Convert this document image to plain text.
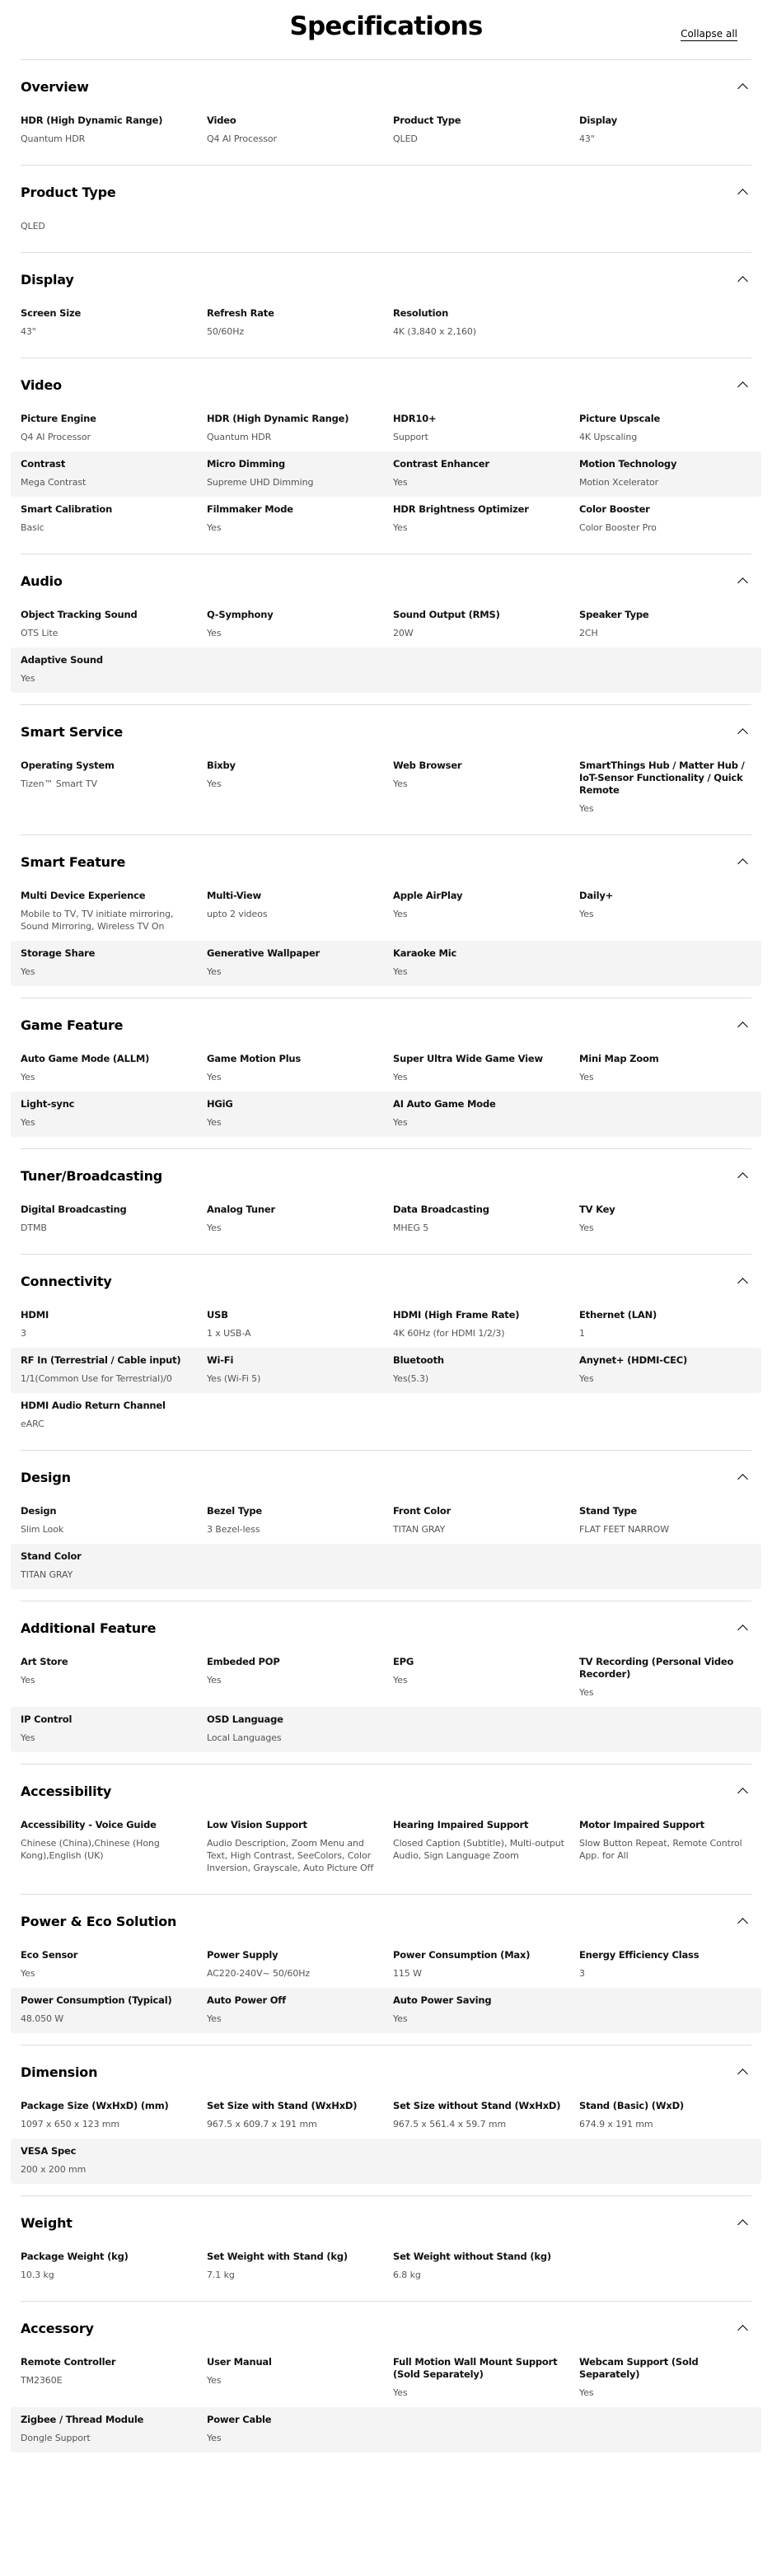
Specifications	Collapse all
Overview
HDR (High Dynamic Range)
Quantum HDR
Video
Q4 AI Processor
Product Type
QLED
Display
43"
Product Type
QLED
Display
Screen Size
43"
Refresh Rate
50/60Hz
Resolution
4K (3,840 x 2,160)
Video
Picture Engine
Q4 AI Processor
HDR (High Dynamic Range)
Quantum HDR
HDR10+
Support
Picture Upscale
4K Upscaling
Contrast
Mega Contrast
Micro Dimming
Supreme UHD Dimming
Contrast Enhancer
Yes
Motion Technology
Motion Xcelerator
Smart Calibration
Basic
Filmmaker Mode
Yes
HDR Brightness Optimizer
Yes
Color Booster
Color Booster Pro
Audio
Object Tracking Sound
OTS Lite
Q-Symphony
Yes
Sound Output (RMS)
20W
Speaker Type
2CH
Adaptive Sound
Yes
Smart Service
Operating System
Tizen™ Smart TV
Bixby
Yes
Web Browser
Yes
SmartThings Hub / Matter Hub / IoT-Sensor Functionality / Quick Remote
Yes
Smart Feature
Multi Device Experience
Mobile to TV, TV initiate mirroring, Sound Mirroring, Wireless TV On
Multi-View
upto 2 videos
Apple AirPlay
Yes
Daily+
Yes
Storage Share
Yes
Generative Wallpaper
Yes
Karaoke Mic
Yes
Game Feature
Auto Game Mode (ALLM)
Yes
Game Motion Plus
Yes
Super Ultra Wide Game View
Yes
Mini Map Zoom
Yes
Light-sync
Yes
HGiG
Yes
AI Auto Game Mode
Yes
Tuner/Broadcasting
Digital Broadcasting
DTMB
Analog Tuner
Yes
Data Broadcasting
MHEG 5
TV Key
Yes
Connectivity
HDMI
3
USB
1 x USB-A
HDMI (High Frame Rate)
4K 60Hz (for HDMI 1/2/3)
Ethernet (LAN)
1
RF In (Terrestrial / Cable input)
1/1(Common Use for Terrestrial)/0
Wi-Fi
Yes (Wi-Fi 5)
Bluetooth
Yes(5.3)
Anynet+ (HDMI-CEC)
Yes
HDMI Audio Return Channel
eARC
Design
Design
Slim Look
Bezel Type
3 Bezel-less
Front Color
TITAN GRAY
Stand Type
FLAT FEET NARROW
Stand Color
TITAN GRAY
Additional Feature
Art Store
Yes
Embeded POP
Yes
EPG
Yes
TV Recording (Personal Video Recorder)
Yes
IP Control
Yes
OSD Language
Local Languages
Accessibility
Accessibility - Voice Guide
Chinese (China),Chinese (Hong Kong),English (UK)
Low Vision Support
Audio Description, Zoom Menu and Text, High Contrast, SeeColors, Color Inversion, Grayscale, Auto Picture Off
Hearing Impaired Support
Closed Caption (Subtitle), Multi-output Audio, Sign Language Zoom
Motor Impaired Support
Slow Button Repeat, Remote Control App. for All
Power & Eco Solution
Eco Sensor
Yes
Power Supply
AC220-240V~ 50/60Hz
Power Consumption (Max)
115 W
Energy Efficiency Class
3
Power Consumption (Typical)
48.050 W
Auto Power Off
Yes
Auto Power Saving
Yes
Dimension
Package Size (WxHxD) (mm)
1097 x 650 x 123 mm
Set Size with Stand (WxHxD)
967.5 x 609.7 x 191 mm
Set Size without Stand (WxHxD)
967.5 x 561.4 x 59.7 mm
Stand (Basic) (WxD)
674.9 x 191 mm
VESA Spec
200 x 200 mm
Weight
Package Weight (kg)
10.3 kg
Set Weight with Stand (kg)
7.1 kg
Set Weight without Stand (kg)
6.8 kg
Accessory
Remote Controller
TM2360E
User Manual
Yes
Full Motion Wall Mount Support (Sold Separately)
Yes
Webcam Support (Sold Separately)
Yes
Zigbee / Thread Module
Dongle Support
Power Cable
Yes
